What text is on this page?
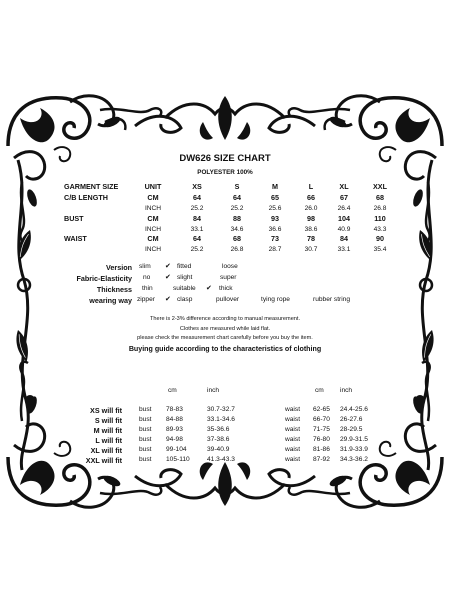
DW626 SIZE CHART
POLYESTER 100%
GARMENT SIZE	UNIT	XS	S	M	L	XL	XXL
C/B LENGTH	CM	64	64	65	66	67	68
INCH	25.2	25.2	25.6	26.0	26.4	26.8
BUST	CM	84	88	93	98	104	110
INCH	33.1	34.6	36.6	38.6	40.9	43.3
WAIST	CM	64	68	73	78	84	90
INCH	25.2	26.8	28.7	30.7	33.1	35.4
Version slim ✔ fitted	loose
Fabric-Elasticity no ✔ slight	super
Thickness thin	suitable ✔ thick
wearing way zipper ✔ clasp	pullover	tying rope	rubber string
There is 2-3% difference according to manual measurement.
Clothes are measured while laid flat.
please check the measurement chart carefully before you buy the item.
Buying guide according to the characteristics of clothing
cm	inch	cm inch
XS will fit	bust 78-83	30.7-32.7	waist 62-65 24.4-25.6
S will fit	bust 84-88	33.1-34.6	waist 66-70 26-27.6
M will fit	bust 89-93	35-36.6	waist 71-75 28-29.5
L will fit	bust 94-98	37-38.6	waist 76-80 29.9-31.5
XL will fit	bust 99-104	39-40.9	waist 81-86 31.9-33.9
XXL will fit	bust 105-110	41.3-43.3	waist 87-92 34.3-36.2
